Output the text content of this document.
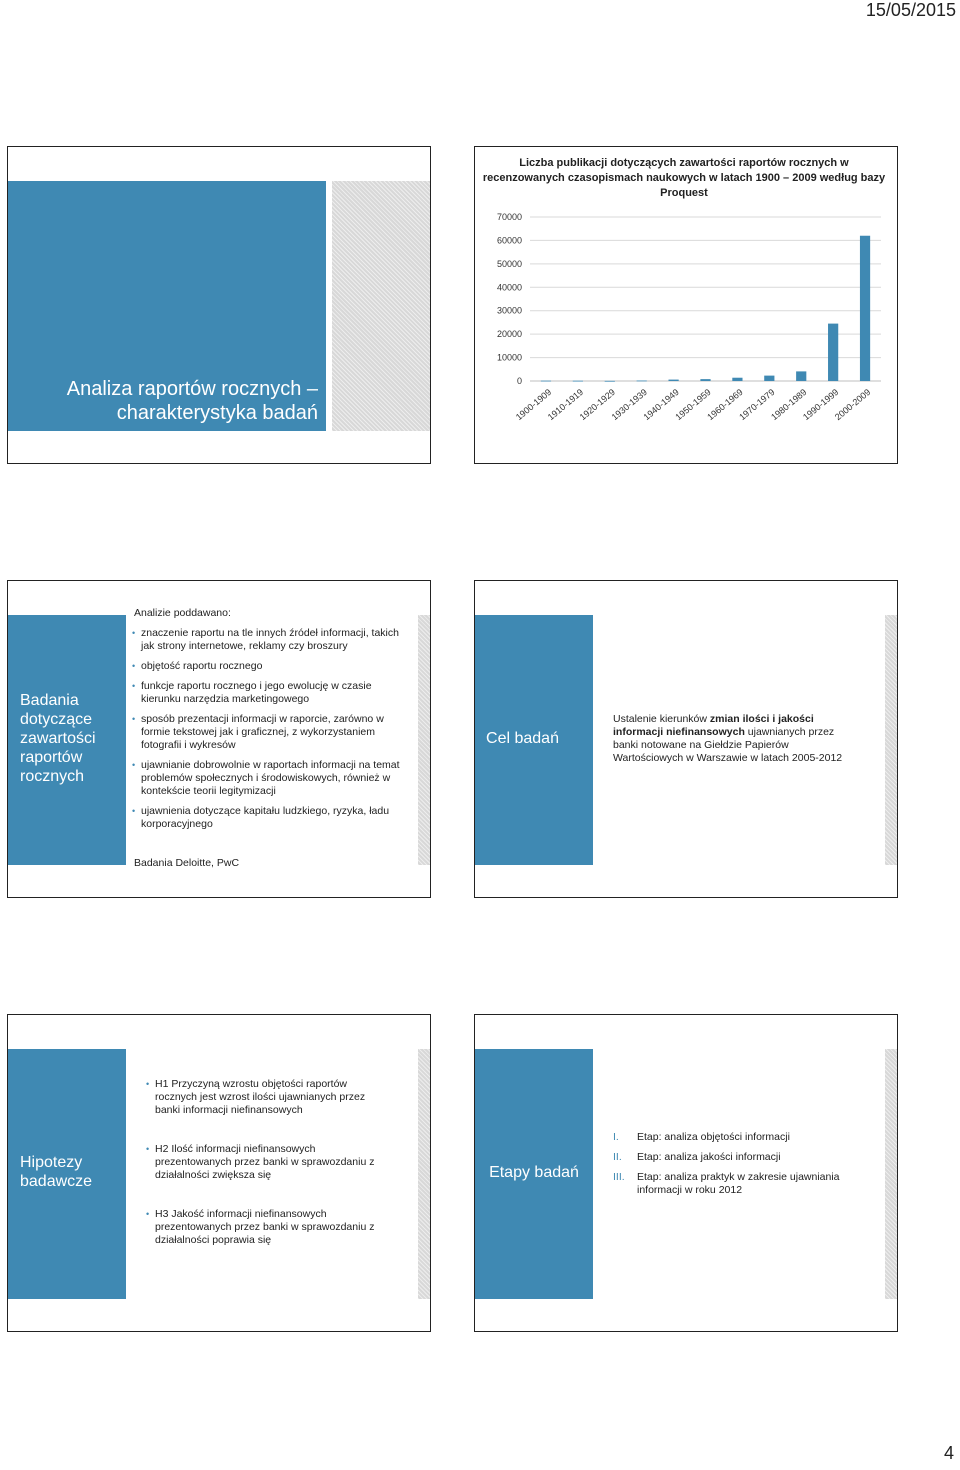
15/05/2015
Analiza raportów rocznych –
charakterystyka badań
Liczba publikacji dotyczących zawartości raportów rocznych w recenzowanych czasopismach naukowych w latach 1900 – 2009 według bazy Proquest
0
10000
20000
30000
40000
50000
60000
70000
1900-1909
1910-1919
1920-1929
1930-1939
1940-1949
1950-1959
1960-1969
1970-1979
1980-1989
1990-1999
2000-2009
Badania
dotyczące
zawartości
raportów
rocznych
Analizie poddawano:
• znaczenie raportu na tle innych źródeł informacji, takich
jak strony internetowe, reklamy czy broszury
• objętość raportu rocznego
• funkcje raportu rocznego i jego ewolucję w czasie
kierunku narzędzia marketingowego
• sposób prezentacji informacji w raporcie, zarówno w
formie tekstowej jak i graficznej, z wykorzystaniem
fotografii i wykresów
• ujawnianie dobrowolnie w raportach informacji na temat
problemów społecznych i środowiskowych, również w
kontekście teorii legitymizacji
• ujawnienia dotyczące kapitału ludzkiego, ryzyka, ładu
korporacyjnego
Badania Deloitte, PwC
Cel badań
Ustalenie kierunków zmian ilości i jakości
informacji niefinansowych ujawnianych przez
banki notowane na Giełdzie Papierów
Wartościowych w Warszawie w latach 2005-2012
Hipotezy
badawcze
• H1 Przyczyną wzrostu objętości raportów
rocznych jest wzrost ilości ujawnianych przez
banki informacji niefinansowych
• H2 Ilość informacji niefinansowych
prezentowanych przez banki w sprawozdaniu z
działalności zwiększa się
• H3 Jakość informacji niefinansowych
prezentowanych przez banki w sprawozdaniu z
działalności poprawia się
Etapy badań
I.	Etap: analiza objętości informacji
II.	Etap: analiza jakości informacji
III.	Etap: analiza praktyk w zakresie ujawniania
informacji w roku 2012
4
